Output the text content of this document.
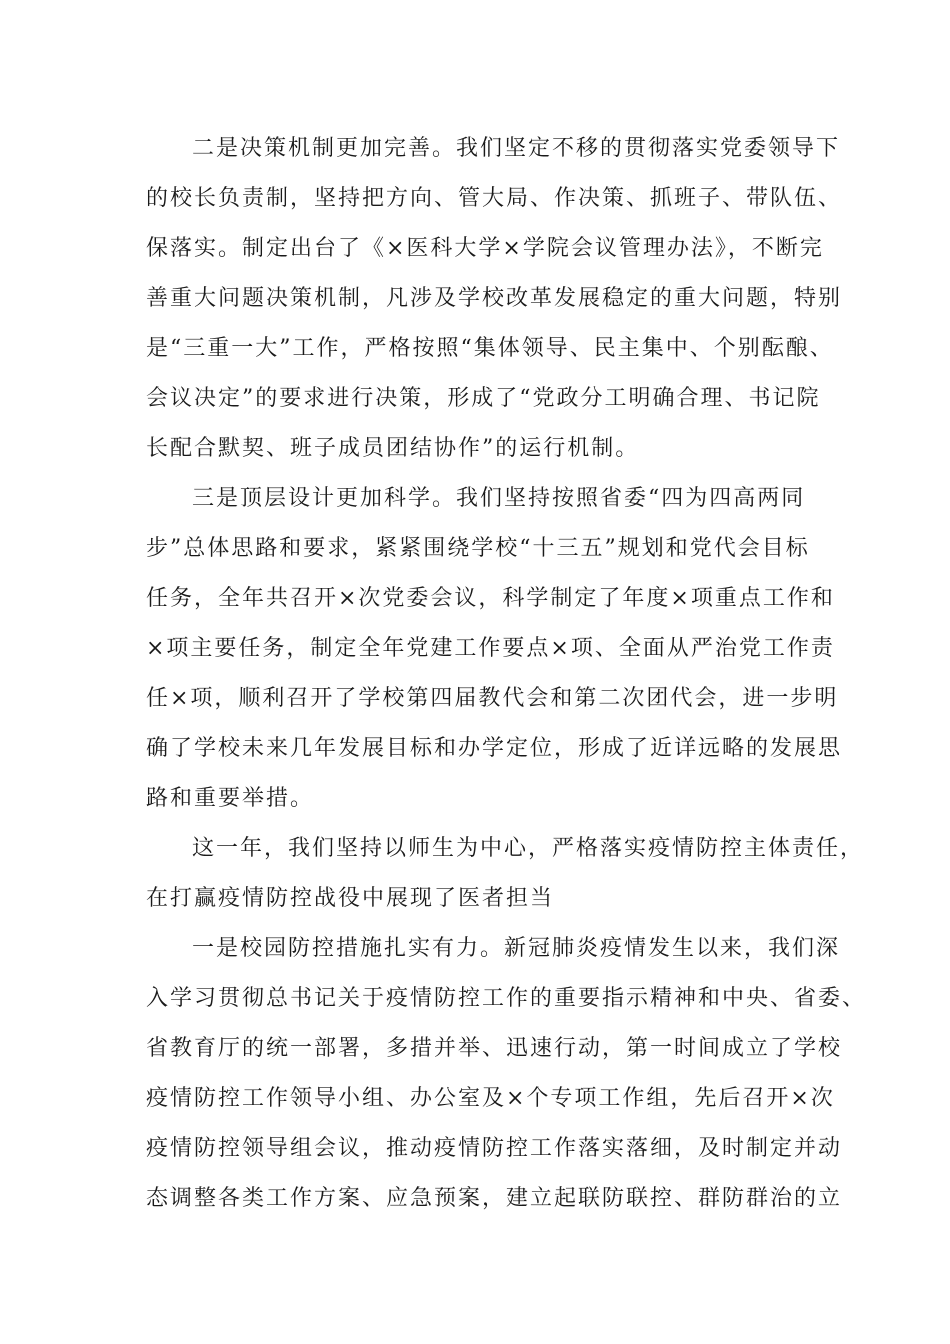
二是决策机制更加完善。我们坚定不移的贯彻落实党委领导下
的校长负责制，坚持把方向、管大局、作决策、抓班子、带队伍、
保落实。制定出台了《×医科大学×学院会议管理办法》，不断完
善重大问题决策机制，凡涉及学校改革发展稳定的重大问题，特别
是“三重一大”工作，严格按照“集体领导、民主集中、个别酝酿、
会议决定”的要求进行决策，形成了“党政分工明确合理、书记院
长配合默契、班子成员团结协作”的运行机制。
三是顶层设计更加科学。我们坚持按照省委“四为四高两同
步”总体思路和要求，紧紧围绕学校“十三五”规划和党代会目标
任务，全年共召开×次党委会议，科学制定了年度×项重点工作和
×项主要任务，制定全年党建工作要点×项、全面从严治党工作责
任×项，顺利召开了学校第四届教代会和第二次团代会，进一步明
确了学校未来几年发展目标和办学定位，形成了近详远略的发展思
路和重要举措。
这一年，我们坚持以师生为中心，严格落实疫情防控主体责任，
在打赢疫情防控战役中展现了医者担当
一是校园防控措施扎实有力。新冠肺炎疫情发生以来，我们深
入学习贯彻总书记关于疫情防控工作的重要指示精神和中央、省委、
省教育厅的统一部署，多措并举、迅速行动，第一时间成立了学校
疫情防控工作领导小组、办公室及×个专项工作组，先后召开×次
疫情防控领导组会议，推动疫情防控工作落实落细，及时制定并动
态调整各类工作方案、应急预案，建立起联防联控、群防群治的立
